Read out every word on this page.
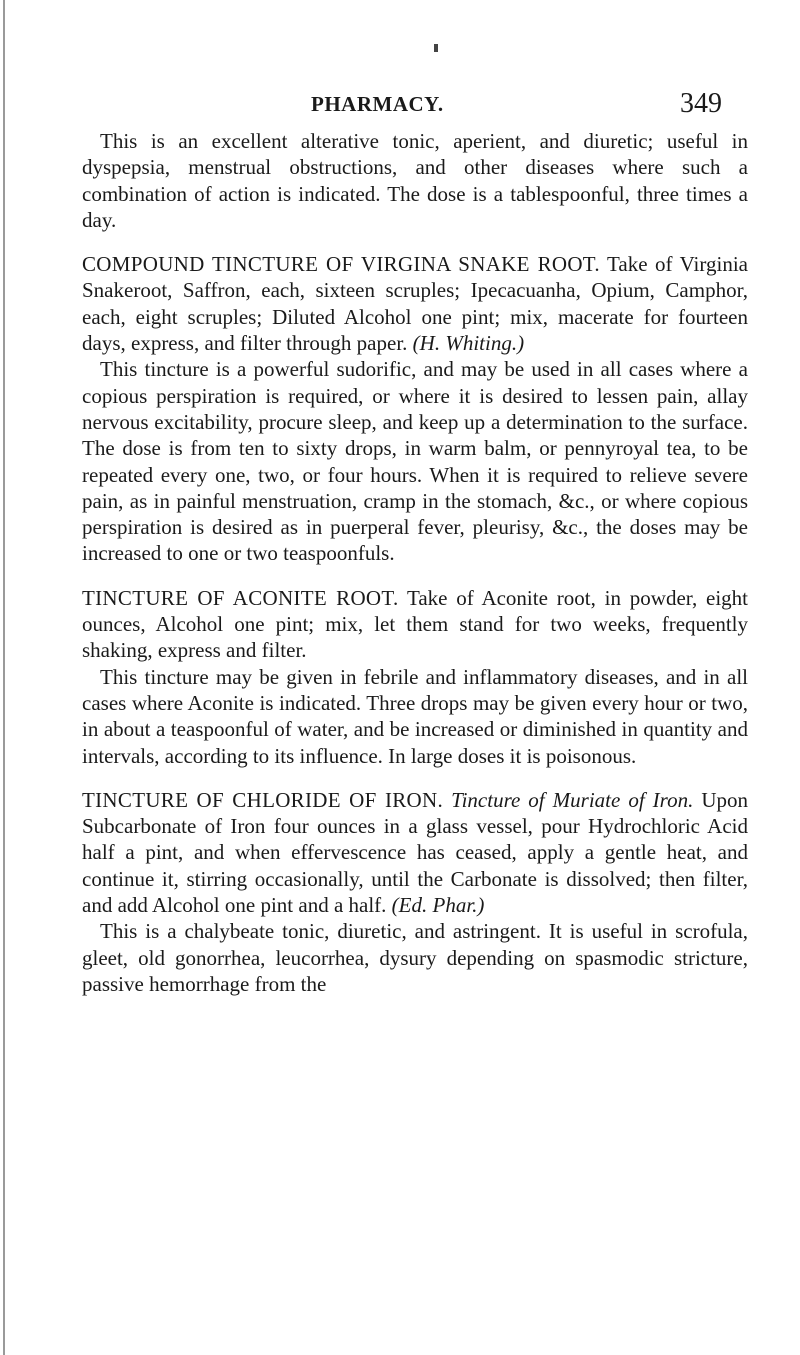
PHARMACY.	349

This is an excellent alterative tonic, aperient, and diuretic; useful in dyspepsia, menstrual obstructions, and other diseases where such a combination of action is indicated. The dose is a tablespoonful, three times a day.

COMPOUND TINCTURE OF VIRGINA SNAKE ROOT. Take of Virginia Snakeroot, Saffron, each, sixteen scruples; Ipecacuanha, Opium, Camphor, each, eight scruples; Diluted Alcohol one pint; mix, macerate for fourteen days, express, and filter through paper. (H. Whiting.)

This tincture is a powerful sudorific, and may be used in all cases where a copious perspiration is required, or where it is desired to lessen pain, allay nervous excitability, procure sleep, and keep up a determination to the surface. The dose is from ten to sixty drops, in warm balm, or pennyroyal tea, to be repeated every one, two, or four hours. When it is required to relieve severe pain, as in painful menstruation, cramp in the stomach, &c., or where copious perspiration is desired as in puerperal fever, pleurisy, &c., the doses may be increased to one or two teaspoonfuls.

TINCTURE OF ACONITE ROOT. Take of Aconite root, in powder, eight ounces, Alcohol one pint; mix, let them stand for two weeks, frequently shaking, express and filter.

This tincture may be given in febrile and inflammatory diseases, and in all cases where Aconite is indicated. Three drops may be given every hour or two, in about a teaspoonful of water, and be increased or diminished in quantity and intervals, according to its influence. In large doses it is poisonous.

TINCTURE OF CHLORIDE OF IRON. Tincture of Muriate of Iron. Upon Subcarbonate of Iron four ounces in a glass vessel, pour Hydrochloric Acid half a pint, and when effervescence has ceased, apply a gentle heat, and continue it, stirring occasionally, until the Carbonate is dissolved; then filter, and add Alcohol one pint and a half. (Ed. Phar.)

This is a chalybeate tonic, diuretic, and astringent. It is useful in scrofula, gleet, old gonorrhea, leucorrhea, dysury depending on spasmodic stricture, passive hemorrhage from the
